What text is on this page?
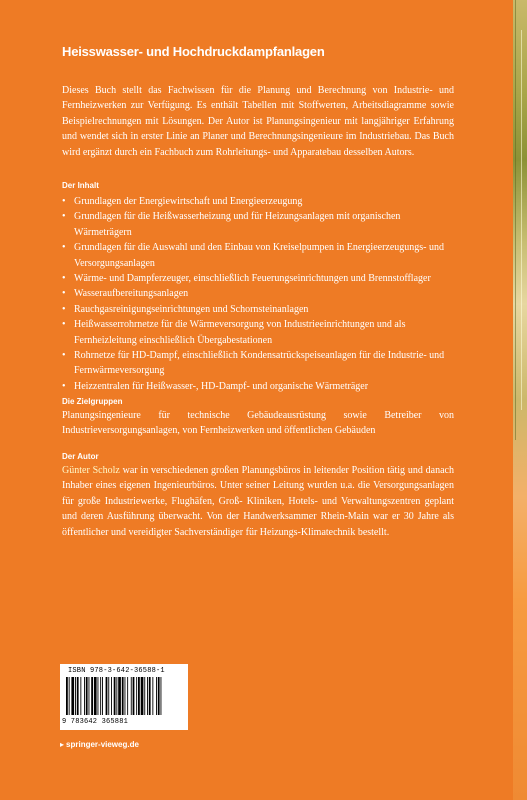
Heisswasser- und Hochdruckdampfanlagen

Dieses Buch stellt das Fachwissen für die Planung und Berechnung von Industrie- und Fernheizwerken zur Verfügung. Es enthält Tabellen mit Stoffwerten, Arbeitsdiagramme sowie Beispielrechnungen mit Lösungen. Der Autor ist Planungsingenieur mit langjähriger Erfahrung und wendet sich in erster Linie an Planer und Berechnungsingenieure im Industriebau. Das Buch wird ergänzt durch ein Fachbuch zum Rohrleitungs- und Apparatebau desselben Autors.

Der Inhalt
• Grundlagen der Energiewirtschaft und Energieerzeugung
• Grundlagen für die Heißwasserheizung und für Heizungsanlagen mit organischen Wärmeträgern
• Grundlagen für die Auswahl und den Einbau von Kreiselpumpen in Energieerzeugungs- und Versorgungsanlagen
• Wärme- und Dampferzeuger, einschließlich Feuerungseinrichtungen und Brennstofflager
• Wasseraufbereitungsanlagen
• Rauchgasreinigungseinrichtungen und Schornsteinanlagen
• Heißwasserrohrnetze für die Wärmeversorgung von Industrieeinrichtungen und als Fernheizleitung einschließlich Übergabestationen
• Rohrnetze für HD-Dampf, einschließlich Kondensatrückspeiseanlagen für die Industrie- und Fernwärmeversorgung
• Heizzentralen für Heißwasser-, HD-Dampf- und organische Wärmeträger
Die Zielgruppen

Planungsingenieure für technische Gebäudeausrüstung sowie Betreiber von Industrieversorgungsanlagen, von Fernheizwerken und öffentlichen Gebäuden

Der Autor

Günter Scholz war in verschiedenen großen Planungsbüros in leitender Position tätig und danach Inhaber eines eigenen Ingenieurbüros. Unter seiner Leitung wurden u.a. die Versorgungsanlagen für große Industriewerke, Flughäfen, Groß- Kliniken, Hotels- und Verwaltungszentren geplant und deren Ausführung überwacht. Von der Handwerksammer Rhein-Main war er 30 Jahre als öffentlicher und vereidigter Sachverständiger für Heizungs-Klimatechnik bestellt.

ISBN 978-3-642-36588-1
9 783642 365881
▸ springer-vieweg.de
